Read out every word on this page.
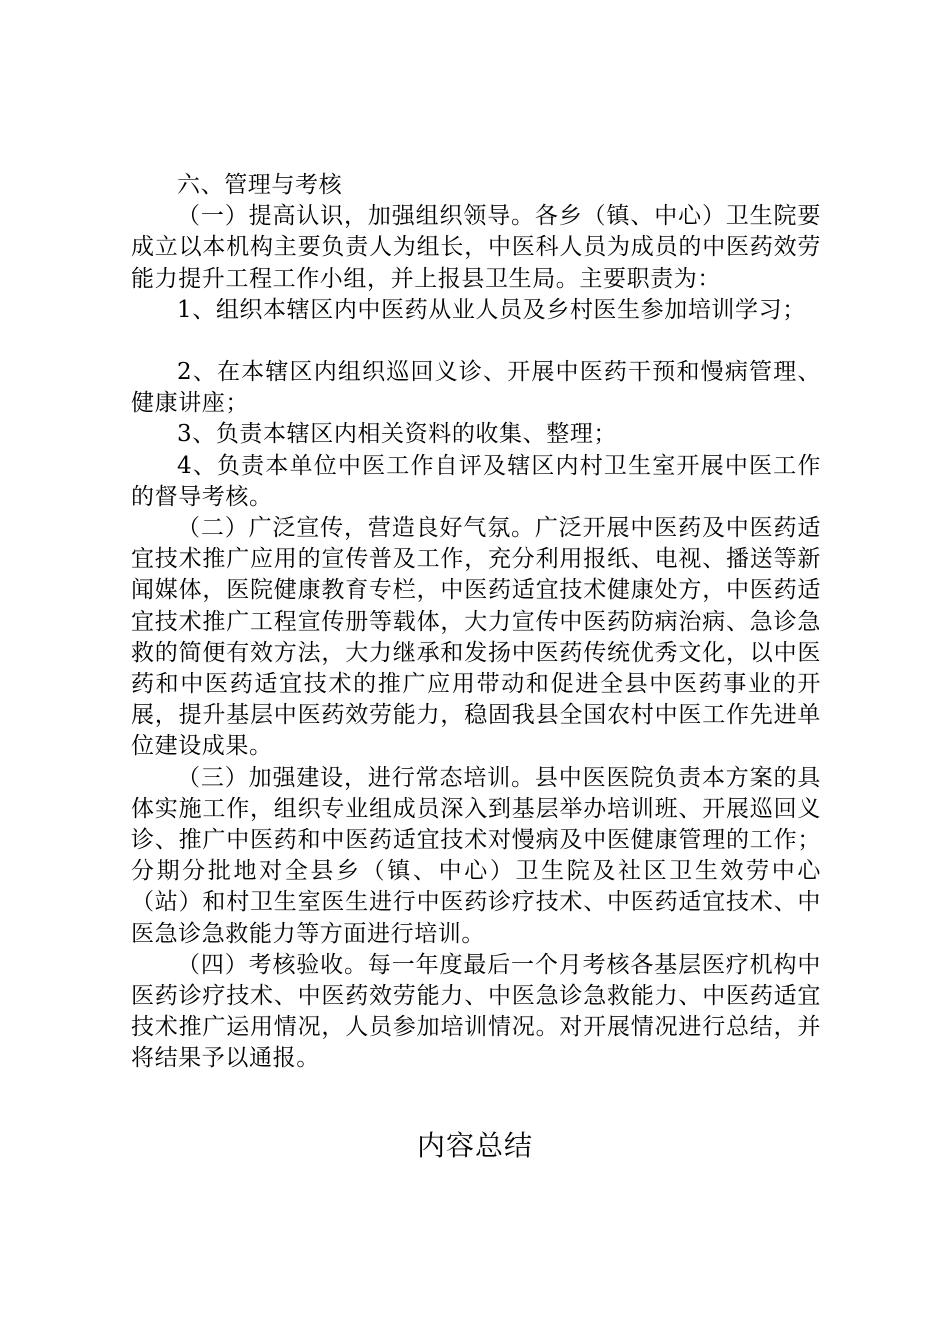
六、管理与考核

（一）提高认识，加强组织领导。各乡（镇、中心）卫生院要成立以本机构主要负责人为组长，中医科人员为成员的中医药效劳能力提升工程工作小组，并上报县卫生局。主要职责为：

1、组织本辖区内中医药从业人员及乡村医生参加培训学习；

2、在本辖区内组织巡回义诊、开展中医药干预和慢病管理、健康讲座；

3、负责本辖区内相关资料的收集、整理；

4、负责本单位中医工作自评及辖区内村卫生室开展中医工作的督导考核。

（二）广泛宣传，营造良好气氛。广泛开展中医药及中医药适宜技术推广应用的宣传普及工作，充分利用报纸、电视、播送等新闻媒体，医院健康教育专栏，中医药适宜技术健康处方，中医药适宜技术推广工程宣传册等载体，大力宣传中医药防病治病、急诊急救的简便有效方法，大力继承和发扬中医药传统优秀文化，以中医药和中医药适宜技术的推广应用带动和促进全县中医药事业的开展，提升基层中医药效劳能力，稳固我县全国农村中医工作先进单位建设成果。

（三）加强建设，进行常态培训。县中医医院负责本方案的具体实施工作，组织专业组成员深入到基层举办培训班、开展巡回义诊、推广中医药和中医药适宜技术对慢病及中医健康管理的工作；分期分批地对全县乡（镇、中心）卫生院及社区卫生效劳中心（站）和村卫生室医生进行中医药诊疗技术、中医药适宜技术、中医急诊急救能力等方面进行培训。

（四）考核验收。每一年度最后一个月考核各基层医疗机构中医药诊疗技术、中医药效劳能力、中医急诊急救能力、中医药适宜技术推广运用情况，人员参加培训情况。对开展情况进行总结，并将结果予以通报。

内容总结
